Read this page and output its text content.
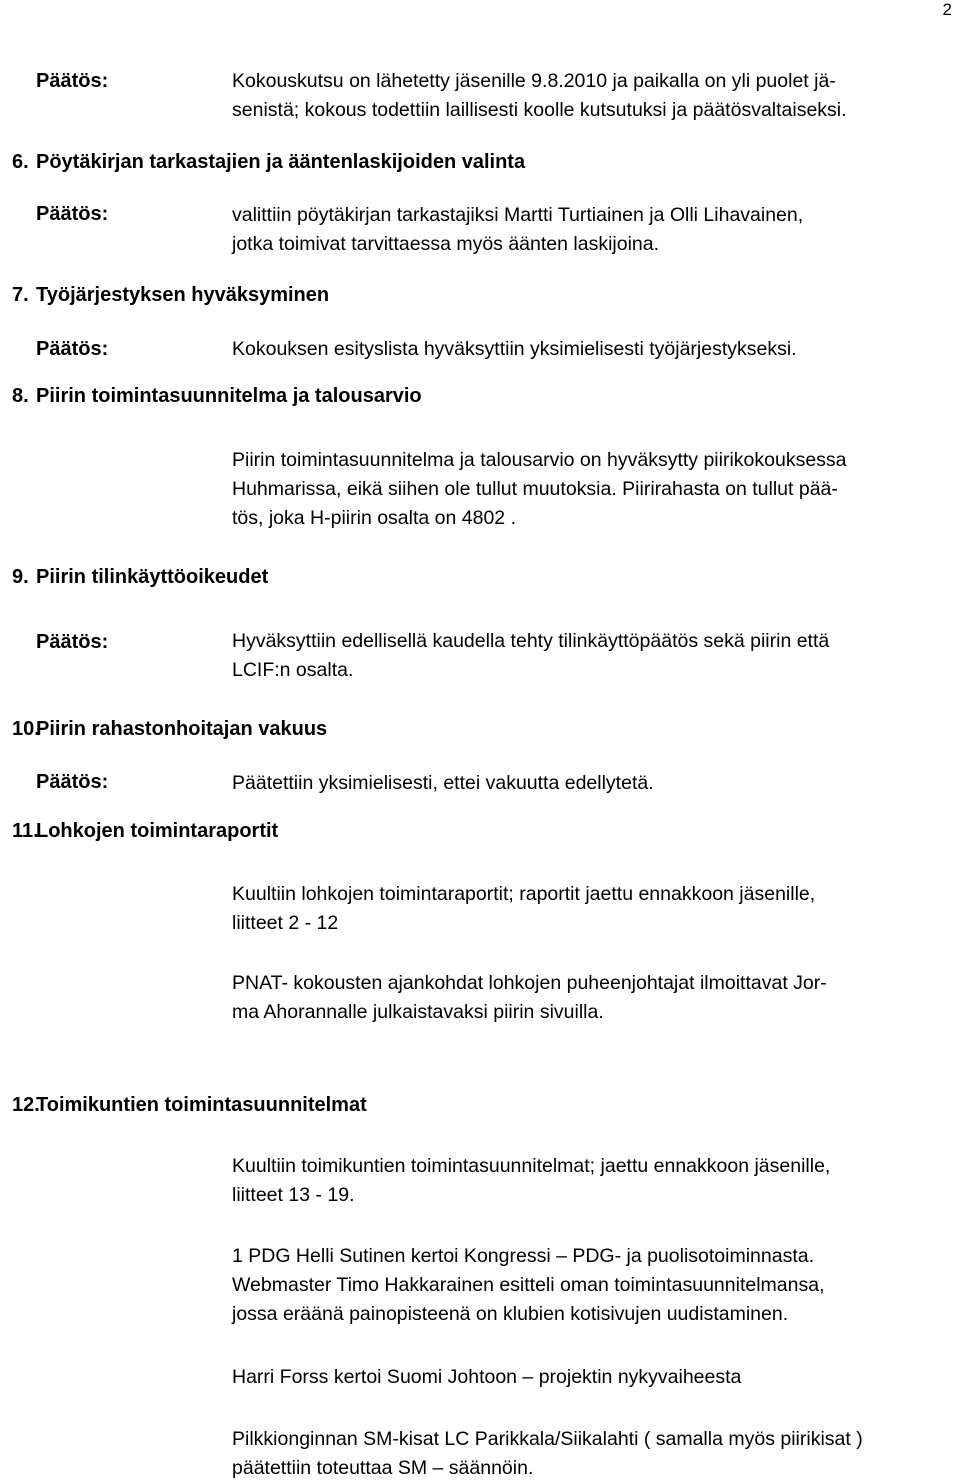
2
Päätös:	Kokouskutsu on lähetetty jäsenille 9.8.2010 ja paikalla on yli puolet jä-
senistä; kokous todettiin laillisesti koolle kutsutuksi ja päätösvaltaiseksi.
6. Pöytäkirjan tarkastajien ja ääntenlaskijoiden valinta
Päätös:	valittiin pöytäkirjan tarkastajiksi Martti Turtiainen ja Olli Lihavainen,
jotka toimivat tarvittaessa myös äänten laskijoina.
7. Työjärjestyksen hyväksyminen
Päätös:	Kokouksen esityslista hyväksyttiin yksimielisesti työjärjestykseksi.
8. Piirin toimintasuunnitelma ja talousarvio
Piirin toimintasuunnitelma ja talousarvio on hyväksytty piirikokouksessa
Huhmarissa, eikä siihen ole tullut muutoksia. Piirirahasta on tullut pää-
tös, joka H-piirin osalta on 4802 .
9. Piirin tilinkäyttöoikeudet
Päätös:	Hyväksyttiin edellisellä kaudella tehty tilinkäyttöpäätös sekä piirin että
LCIF:n osalta.
10.Piirin rahastonhoitajan vakuus
Päätös:	Päätettiin yksimielisesti, ettei vakuutta edellytetä.
11.Lohkojen toimintaraportit
Kuultiin lohkojen toimintaraportit; raportit jaettu ennakkoon jäsenille,
liitteet 2 - 12
PNAT- kokousten ajankohdat lohkojen puheenjohtajat ilmoittavat Jor-
ma Ahorannalle julkaistavaksi piirin sivuilla.
12.Toimikuntien toimintasuunnitelmat
Kuultiin toimikuntien toimintasuunnitelmat; jaettu ennakkoon jäsenille,
liitteet 13 - 19.
1 PDG Helli Sutinen kertoi Kongressi – PDG- ja puolisotoiminnasta.
Webmaster Timo Hakkarainen esitteli oman toimintasuunnitelmansa,
jossa eräänä painopisteenä on klubien kotisivujen uudistaminen.
Harri Forss kertoi Suomi Johtoon – projektin nykyvaiheesta
Pilkkionginnan SM-kisat LC Parikkala/Siikalahti ( samalla myös piirikisat )
päätettiin toteuttaa SM – säännöin.
